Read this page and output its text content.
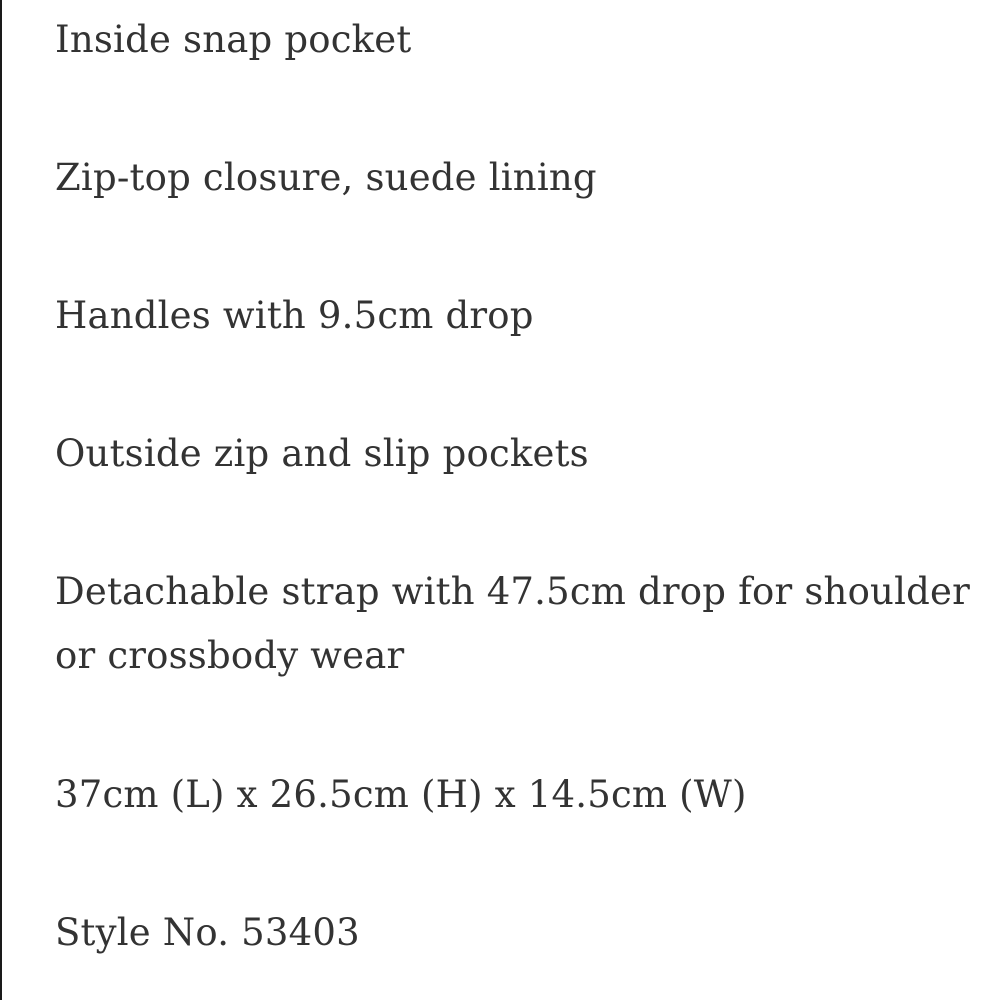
Inside snap pocket

Zip-top closure, suede lining

Handles with 9.5cm drop

Outside zip and slip pockets

Detachable strap with 47.5cm drop for shoulder or crossbody wear

37cm (L) x 26.5cm (H) x 14.5cm (W)

Style No. 53403
